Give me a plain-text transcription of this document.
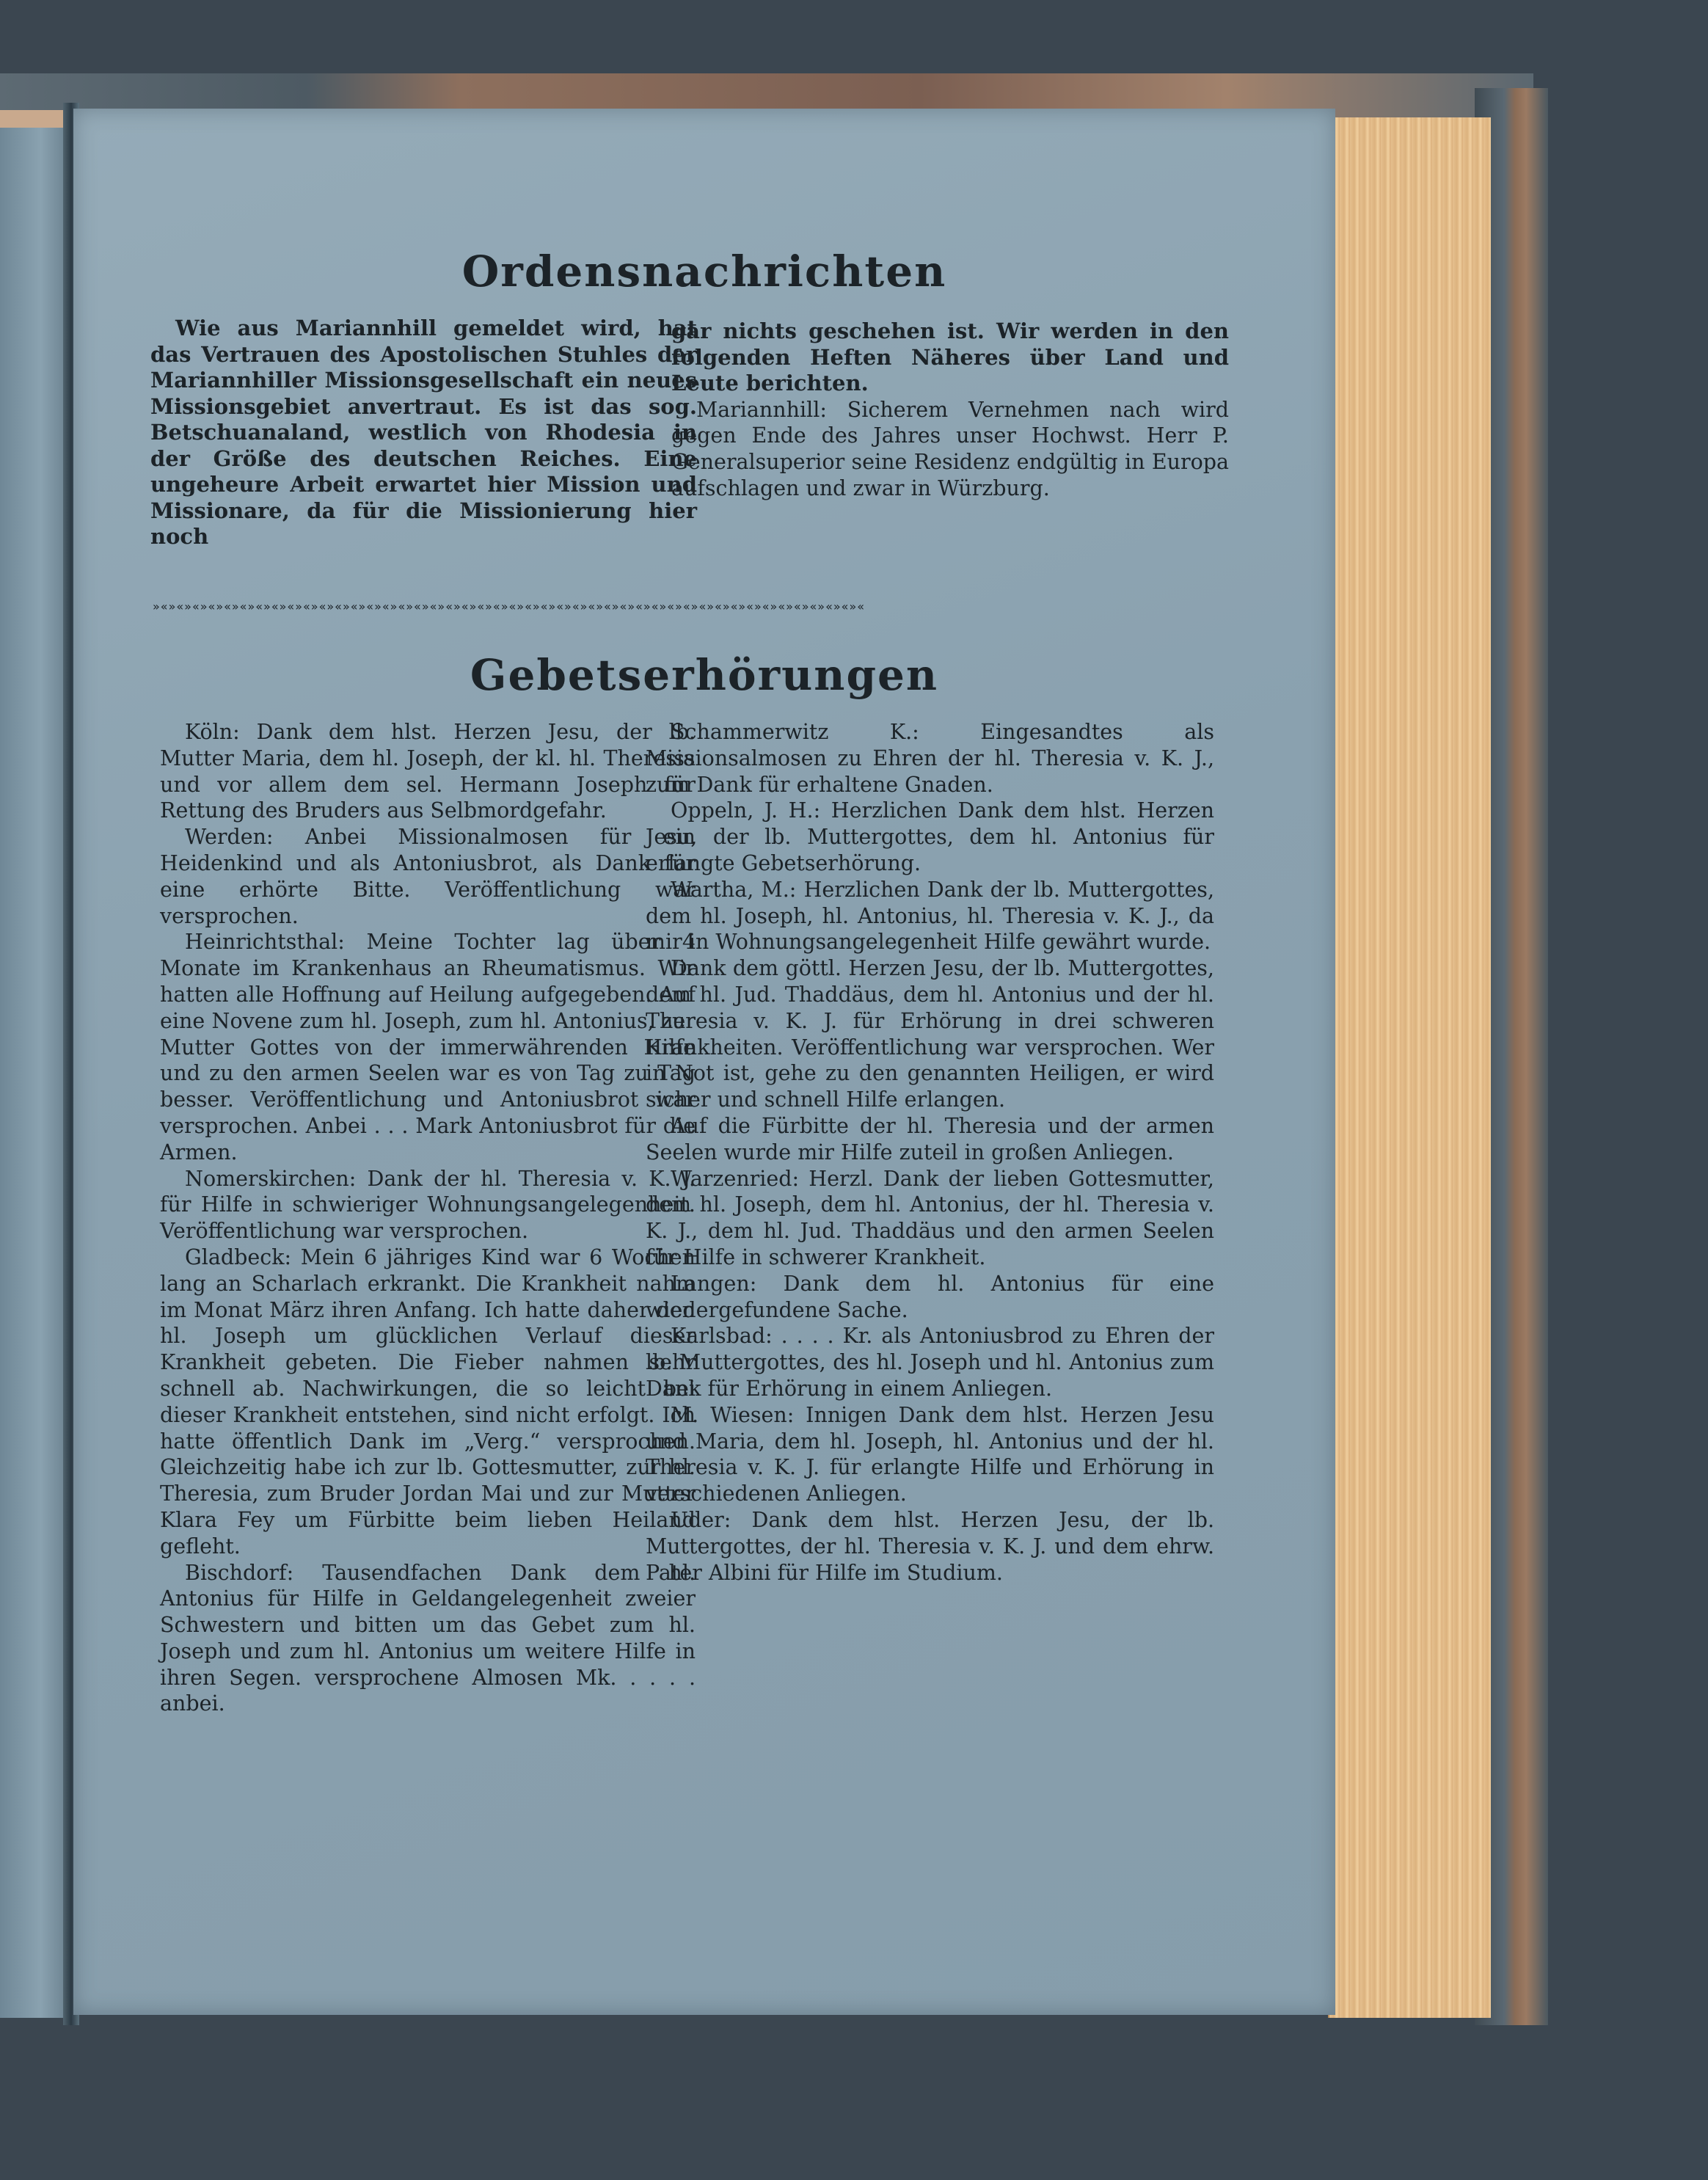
Ordensnachrichten

Wie aus Mariannhill gemeldet wird, hat das Vertrauen des Apostolischen Stuhles der Mariannhiller Missionsgesellschaft ein neues Missionsgebiet anvertraut. Es ist das sog. Betschuanaland, westlich von Rhodesia in der Größe des deutschen Reiches. Eine ungeheure Arbeit erwartet hier Mission und Missionare, da für die Missionierung hier noch

gar nichts geschehen ist. Wir werden in den folgenden Heften Näheres über Land und Leute berichten.

Mariannhill: Sicherem Vernehmen nach wird gegen Ende des Jahres unser Hochwst. Herr P. Generalsuperior seine Residenz endgültig in Europa aufschlagen und zwar in Würzburg.

»«»«»«»«»«»«»«»«»«»«»«»«»«»«»«»«»«»«»«»«»«»«»«»«»«»«»«»«»«»«»«»«»«»«»«»«»«»«»«»«»«»«»«»«»«
Gebetserhörungen

Köln: Dank dem hlst. Herzen Jesu, der lb. Mutter Maria, dem hl. Joseph, der kl. hl. Theresia und vor allem dem sel. Hermann Joseph für Rettung des Bruders aus Selbmordgefahr.

Werden: Anbei Missionalmosen für ein Heidenkind und als Antoniusbrot, als Dank für eine erhörte Bitte. Veröffentlichung war versprochen.

Heinrichtsthal: Meine Tochter lag über 4 Monate im Krankenhaus an Rheumatismus. Wir hatten alle Hoffnung auf Heilung aufgegeben. Auf eine Novene zum hl. Joseph, zum hl. Antonius, zur Mutter Gottes von der immerwährenden Hilfe und zu den armen Seelen war es von Tag zu Tag besser. Veröffentlichung und Antoniusbrot war versprochen. Anbei . . . Mark Antoniusbrot für die Armen.

Nomerskirchen: Dank der hl. Theresia v. K. J. für Hilfe in schwieriger Wohnungsangelegenheit. Veröffentlichung war versprochen.

Gladbeck: Mein 6 jähriges Kind war 6 Wochen lang an Scharlach erkrankt. Die Krankheit nahm im Monat März ihren Anfang. Ich hatte daher den hl. Joseph um glücklichen Verlauf dieser Krankheit gebeten. Die Fieber nahmen sehr schnell ab. Nachwirkungen, die so leicht bei dieser Krankheit entstehen, sind nicht erfolgt. Ich hatte öffentlich Dank im „Verg.“ versprochen. Gleichzeitig habe ich zur lb. Gottesmutter, zur hl. Theresia, zum Bruder Jordan Mai und zur Mutter Klara Fey um Fürbitte beim lieben Heiland gefleht.

Bischdorf: Tausendfachen Dank dem hl. Antonius für Hilfe in Geldangelegenheit zweier Schwestern und bitten um das Gebet zum hl. Joseph und zum hl. Antonius um weitere Hilfe in ihren Segen. versprochene Almosen Mk. . . . . anbei.

Schammerwitz K.: Eingesandtes als Missionsalmosen zu Ehren der hl. Theresia v. K. J., zum Dank für erhaltene Gnaden.

Oppeln, J. H.: Herzlichen Dank dem hlst. Herzen Jesu, der lb. Muttergottes, dem hl. Antonius für erlangte Gebetserhörung.

Wartha, M.: Herzlichen Dank der lb. Muttergottes, dem hl. Joseph, hl. Antonius, hl. Theresia v. K. J., da mir in Wohnungsangelegenheit Hilfe gewährt wurde.

Dank dem göttl. Herzen Jesu, der lb. Muttergottes, dem hl. Jud. Thaddäus, dem hl. Antonius und der hl. Theresia v. K. J. für Erhörung in drei schweren Krankheiten. Veröffentlichung war versprochen. Wer in Not ist, gehe zu den genannten Heiligen, er wird sicher und schnell Hilfe erlangen.

Auf die Fürbitte der hl. Theresia und der armen Seelen wurde mir Hilfe zuteil in großen Anliegen.

Warzenried: Herzl. Dank der lieben Gottesmutter, dem hl. Joseph, dem hl. Antonius, der hl. Theresia v. K. J., dem hl. Jud. Thaddäus und den armen Seelen für Hilfe in schwerer Krankheit.

Langen: Dank dem hl. Antonius für eine wiedergefundene Sache.

Karlsbad: . . . . Kr. als Antoniusbrod zu Ehren der lb. Muttergottes, des hl. Joseph und hl. Antonius zum Dank für Erhörung in einem Anliegen.

M. Wiesen: Innigen Dank dem hlst. Herzen Jesu und Maria, dem hl. Joseph, hl. Antonius und der hl. Theresia v. K. J. für erlangte Hilfe und Erhörung in verschiedenen Anliegen.

Uder: Dank dem hlst. Herzen Jesu, der lb. Muttergottes, der hl. Theresia v. K. J. und dem ehrw. Pater Albini für Hilfe im Studium.
